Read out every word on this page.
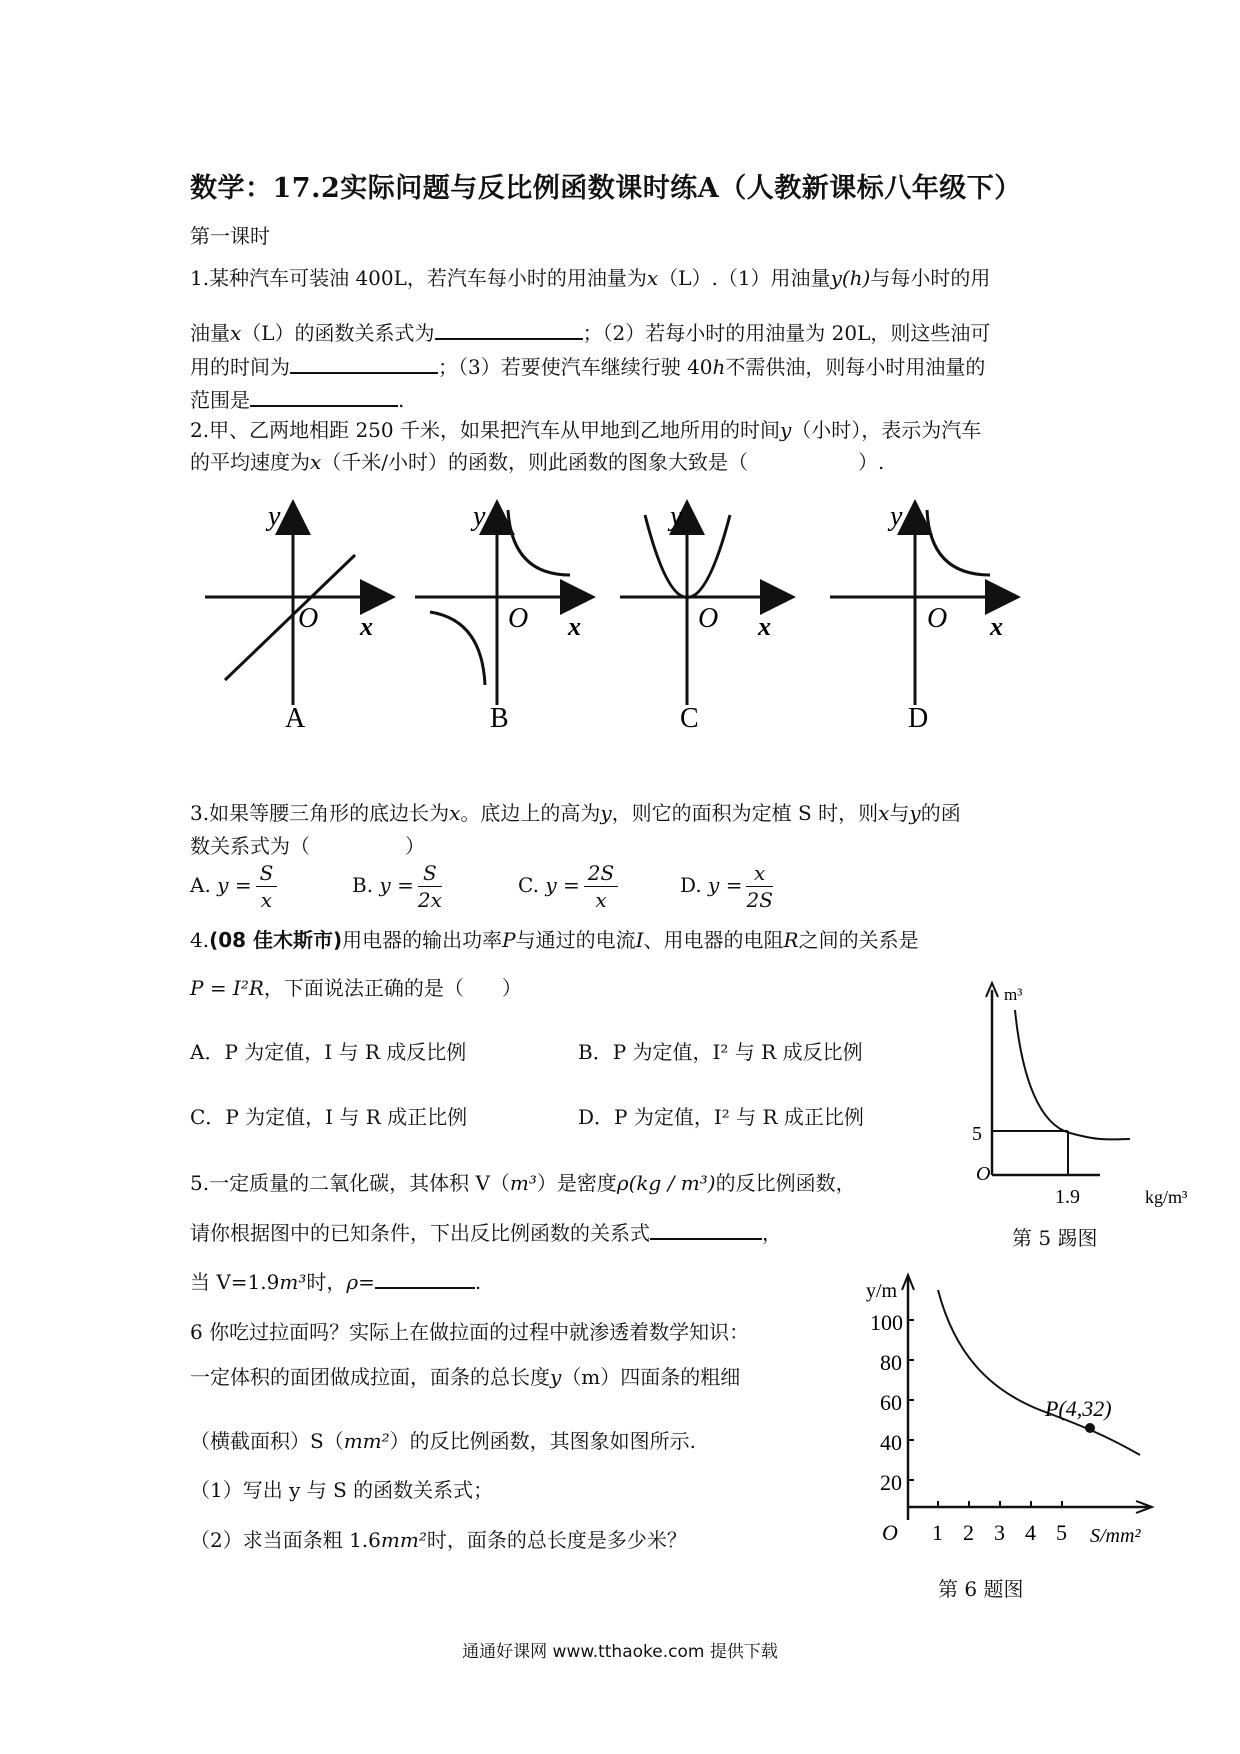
数学：17.2实际问题与反比例函数课时练A（人教新课标八年级下）
第一课时
1.某种汽车可装油 400L，若汽车每小时的用油量为x（L）.（1）用油量y(h)与每小时的用
油量x（L）的函数关系式为	；（2）若每小时的用油量为 20L，则这些油可
用的时间为	；（3）若要使汽车继续行驶 40h不需供油，则每小时用油量的
范围是	.
2.甲、乙两地相距 250 千米，如果把汽车从甲地到乙地所用的时间y（小时），表示为汽车
的平均速度为x（千米/小时）的函数，则此函数的图象大致是（	）.
y
O x
A
y
O x
B
y
O x
C
y
O x
D
3.如果等腰三角形的底边长为x。底边上的高为y，则它的面积为定植 S 时，则x与y的函
数关系式为（	）
A. $y = \frac{S}{x}$	B. $y = \frac{S}{2x}$	C. $y = \frac{2S}{x}$	D. $y = \frac{x}{2S}$
4.(08 佳木斯市)用电器的输出功率P与通过的电流I、用电器的电阻R之间的关系是
P = I²R，下面说法正确的是（ ）
A．P 为定值，I 与 R 成反比例	B．P 为定值，I² 与 R 成反比例
C．P 为定值，I 与 R 成正比例	D．P 为定值，I² 与 R 成正比例
5.一定质量的二氧化碳，其体积 V（m³）是密度ρ(kg / m³)的反比例函数，
请你根据图中的已知条件，下出反比例函数的关系式	，
当 V=1.9m³时，ρ=	.
m³
5
O
1.9	kg/m³
第 5 踢图
6 你吃过拉面吗？实际上在做拉面的过程中就渗透着数学知识：
一定体积的面团做成拉面，面条的总长度y（m）四面条的粗细
（横截面积）S（mm²）的反比例函数，其图象如图所示.
（1）写出 y 与 S 的函数关系式；
（2）求当面条粗 1.6mm²时，面条的总长度是多少米？
y/m
100
80
60
40
20
O 1 2 3 4 5 S/mm²
P(4,32)
第 6 题图
通通好课网 www.tthaoke.com 提供下载
